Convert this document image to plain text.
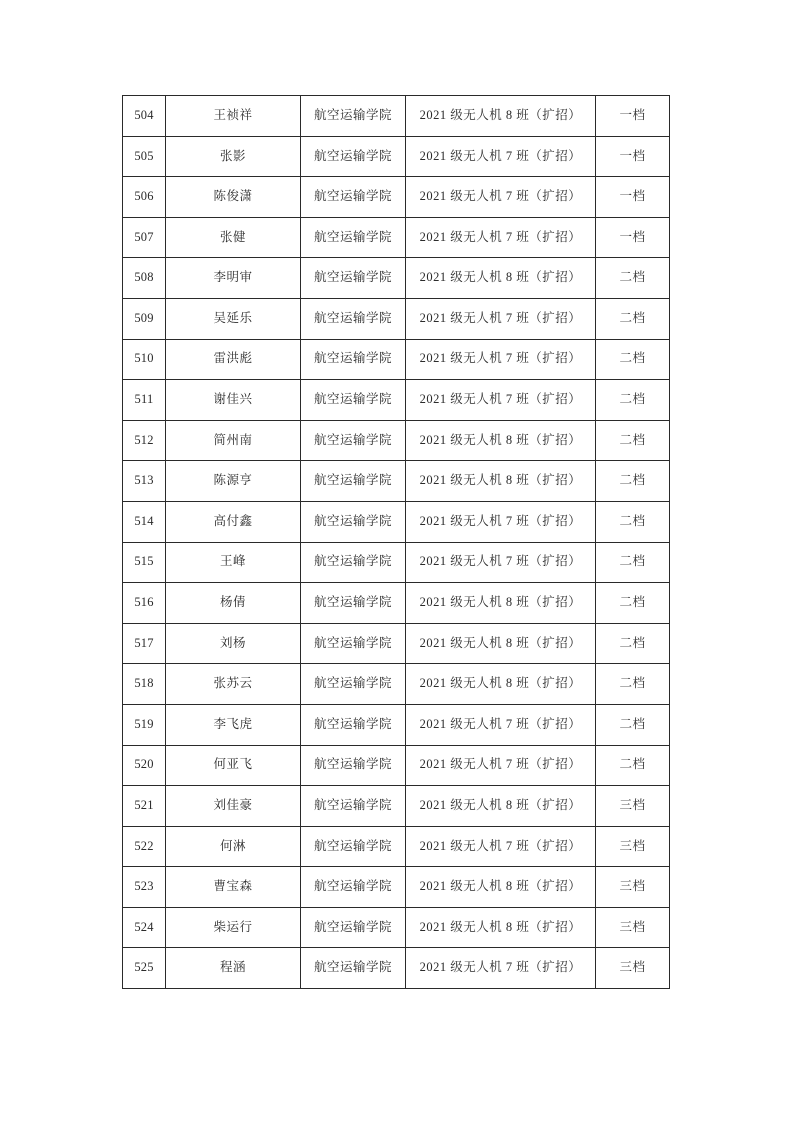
504	王祯祥	航空运输学院	2021 级无人机 8 班（扩招）	一档
505	张影	航空运输学院	2021 级无人机 7 班（扩招）	一档
506	陈俊潇	航空运输学院	2021 级无人机 7 班（扩招）	一档
507	张健	航空运输学院	2021 级无人机 7 班（扩招）	一档
508	李明审	航空运输学院	2021 级无人机 8 班（扩招）	二档
509	吴延乐	航空运输学院	2021 级无人机 7 班（扩招）	二档
510	雷洪彪	航空运输学院	2021 级无人机 7 班（扩招）	二档
511	谢佳兴	航空运输学院	2021 级无人机 7 班（扩招）	二档
512	简州南	航空运输学院	2021 级无人机 8 班（扩招）	二档
513	陈源亨	航空运输学院	2021 级无人机 8 班（扩招）	二档
514	高付鑫	航空运输学院	2021 级无人机 7 班（扩招）	二档
515	王峰	航空运输学院	2021 级无人机 7 班（扩招）	二档
516	杨倩	航空运输学院	2021 级无人机 8 班（扩招）	二档
517	刘杨	航空运输学院	2021 级无人机 8 班（扩招）	二档
518	张苏云	航空运输学院	2021 级无人机 8 班（扩招）	二档
519	李飞虎	航空运输学院	2021 级无人机 7 班（扩招）	二档
520	何亚飞	航空运输学院	2021 级无人机 7 班（扩招）	二档
521	刘佳豪	航空运输学院	2021 级无人机 8 班（扩招）	三档
522	何淋	航空运输学院	2021 级无人机 7 班（扩招）	三档
523	曹宝森	航空运输学院	2021 级无人机 8 班（扩招）	三档
524	柴运行	航空运输学院	2021 级无人机 8 班（扩招）	三档
525	程涵	航空运输学院	2021 级无人机 7 班（扩招）	三档
